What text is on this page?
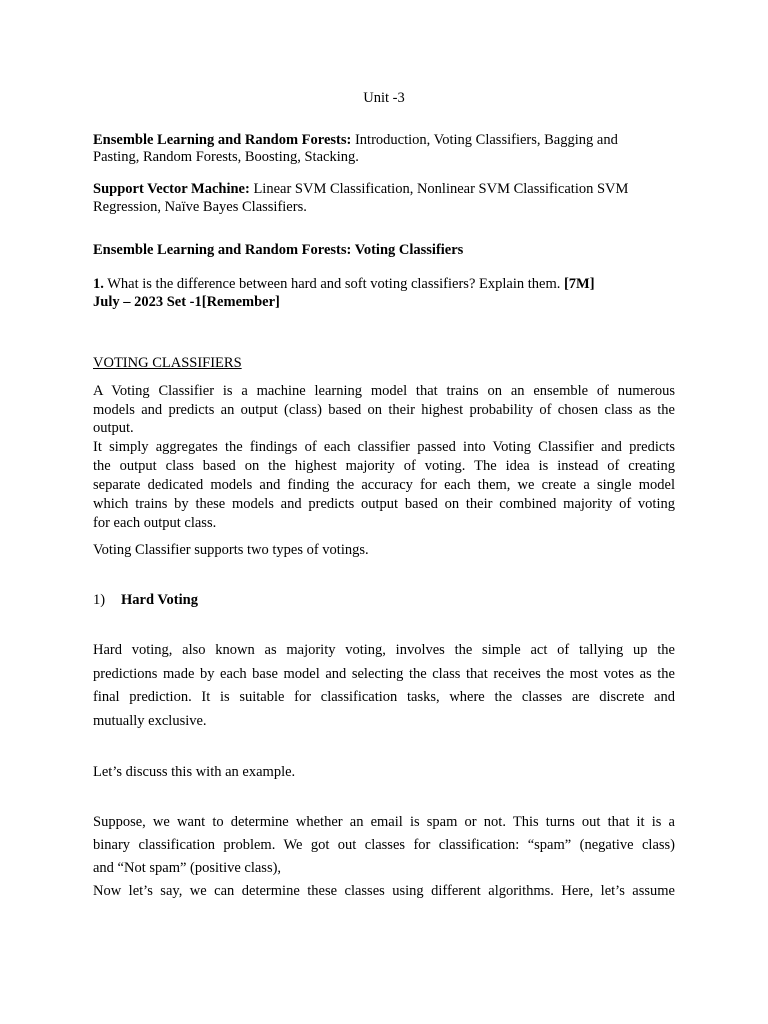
Unit -3
Ensemble Learning and Random Forests: Introduction, Voting Classifiers, Bagging and
Pasting, Random Forests, Boosting, Stacking.
Support Vector Machine: Linear SVM Classification, Nonlinear SVM Classification SVM
Regression, Naïve Bayes Classifiers.
Ensemble Learning and Random Forests: Voting Classifiers
1. What is the difference between hard and soft voting classifiers? Explain them. [7M]
July – 2023 Set -1[Remember]
VOTING CLASSIFIERS
A Voting Classifier is a machine learning model that trains on an ensemble of numerous
models and predicts an output (class) based on their highest probability of chosen class as the
output.
It simply aggregates the findings of each classifier passed into Voting Classifier and predicts
the output class based on the highest majority of voting. The idea is instead of creating
separate dedicated models and finding the accuracy for each them, we create a single model
which trains by these models and predicts output based on their combined majority of voting
for each output class.
Voting Classifier supports two types of votings.
1) Hard Voting
Hard voting, also known as majority voting, involves the simple act of tallying up the
predictions made by each base model and selecting the class that receives the most votes as the
final prediction. It is suitable for classification tasks, where the classes are discrete and
mutually exclusive.
Let’s discuss this with an example.
Suppose, we want to determine whether an email is spam or not. This turns out that it is a
binary classification problem. We got out classes for classification: “spam” (negative class)
and “Not spam” (positive class),
Now let’s say, we can determine these classes using different algorithms. Here, let’s assume
